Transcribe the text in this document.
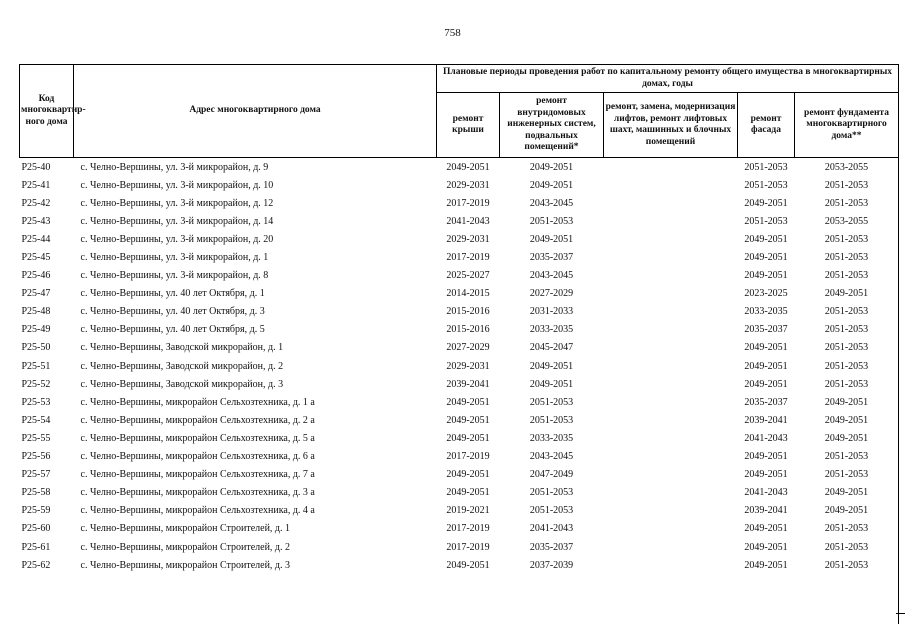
758
Код многоквартир-ного дома	Адрес многоквартирного дома	Плановые периоды проведения работ по капитальному ремонту общего имущества в многоквартирных домах, годы				
		ремонт крыши	ремонт внутридомовых инженерных систем, подвальных помещений*	ремонт, замена, модернизация лифтов, ремонт лифтовых шахт, машинных и блочных помещений	ремонт фасада	ремонт фундамента многоквартирного дома**
P25-40	с. Челно-Вершины, ул. 3-й микрорайон, д. 9	2049-2051	2049-2051		2051-2053	2053-2055
P25-41	с. Челно-Вершины, ул. 3-й микрорайон, д. 10	2029-2031	2049-2051		2051-2053	2051-2053
P25-42	с. Челно-Вершины, ул. 3-й микрорайон, д. 12	2017-2019	2043-2045		2049-2051	2051-2053
P25-43	с. Челно-Вершины, ул. 3-й микрорайон, д. 14	2041-2043	2051-2053		2051-2053	2053-2055
P25-44	с. Челно-Вершины, ул. 3-й микрорайон, д. 20	2029-2031	2049-2051		2049-2051	2051-2053
P25-45	с. Челно-Вершины, ул. 3-й микрорайон, д. 1	2017-2019	2035-2037		2049-2051	2051-2053
P25-46	с. Челно-Вершины, ул. 3-й микрорайон, д. 8	2025-2027	2043-2045		2049-2051	2051-2053
P25-47	с. Челно-Вершины, ул. 40 лет Октября, д. 1	2014-2015	2027-2029		2023-2025	2049-2051
P25-48	с. Челно-Вершины, ул. 40 лет Октября, д. 3	2015-2016	2031-2033		2033-2035	2051-2053
P25-49	с. Челно-Вершины, ул. 40 лет Октября, д. 5	2015-2016	2033-2035		2035-2037	2051-2053
P25-50	с. Челно-Вершины, Заводской микрорайон, д. 1	2027-2029	2045-2047		2049-2051	2051-2053
P25-51	с. Челно-Вершины, Заводской микрорайон, д. 2	2029-2031	2049-2051		2049-2051	2051-2053
P25-52	с. Челно-Вершины, Заводской микрорайон, д. 3	2039-2041	2049-2051		2049-2051	2051-2053
P25-53	с. Челно-Вершины, микрорайон Сельхозтехника, д. 1 а	2049-2051	2051-2053		2035-2037	2049-2051
P25-54	с. Челно-Вершины, микрорайон Сельхозтехника, д. 2 а	2049-2051	2051-2053		2039-2041	2049-2051
P25-55	с. Челно-Вершины, микрорайон Сельхозтехника, д. 5 а	2049-2051	2033-2035		2041-2043	2049-2051
P25-56	с. Челно-Вершины, микрорайон Сельхозтехника, д. 6 а	2017-2019	2043-2045		2049-2051	2051-2053
P25-57	с. Челно-Вершины, микрорайон Сельхозтехника, д. 7 а	2049-2051	2047-2049		2049-2051	2051-2053
P25-58	с. Челно-Вершины, микрорайон Сельхозтехника, д. 3 а	2049-2051	2051-2053		2041-2043	2049-2051
P25-59	с. Челно-Вершины, микрорайон Сельхозтехника, д. 4 а	2019-2021	2051-2053		2039-2041	2049-2051
P25-60	с. Челно-Вершины, микрорайон Строителей, д. 1	2017-2019	2041-2043		2049-2051	2051-2053
P25-61	с. Челно-Вершины, микрорайон Строителей, д. 2	2017-2019	2035-2037		2049-2051	2051-2053
P25-62	с. Челно-Вершины, микрорайон Строителей, д. 3	2049-2051	2037-2039		2049-2051	2051-2053
